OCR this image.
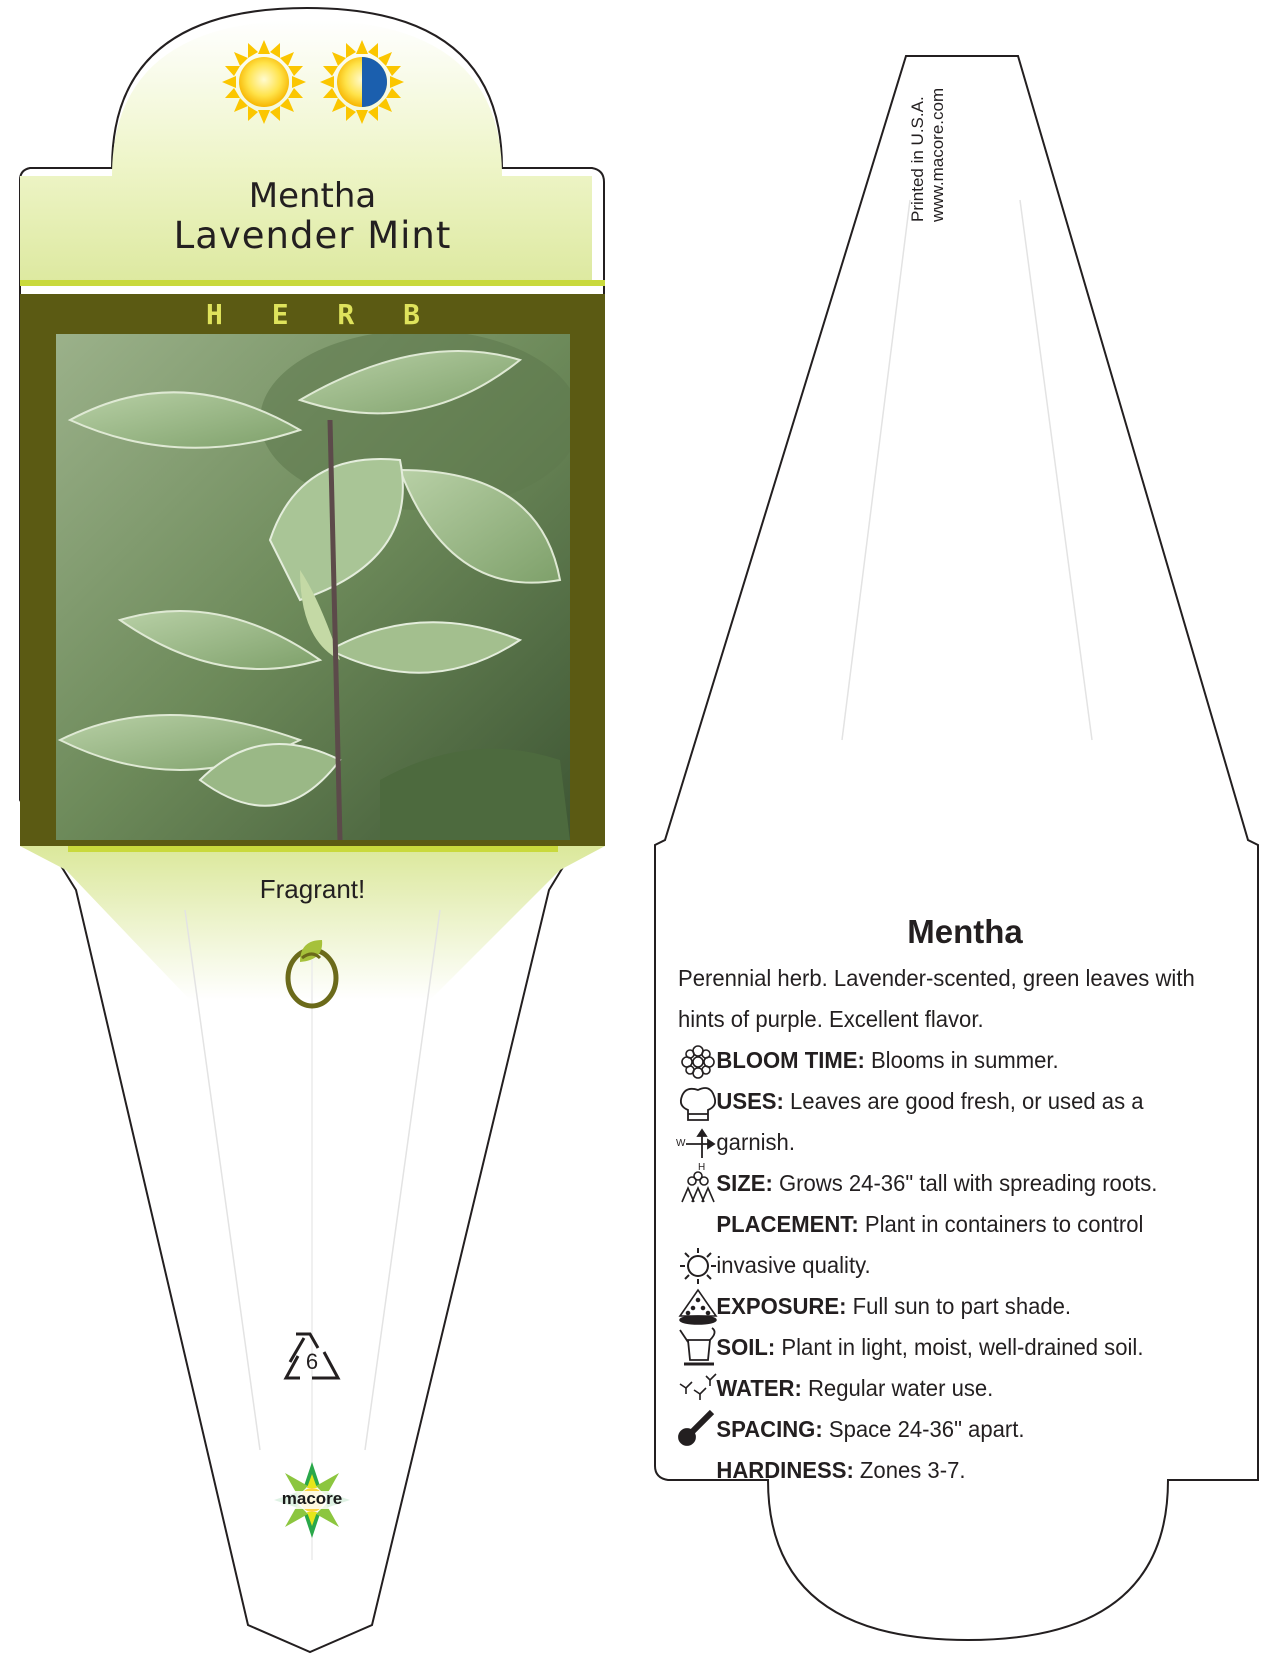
W
H
Mentha
Lavender Mint
H E R B
Fragrant!
6
macore
Printed in U.S.A. www.macore.com
Mentha

Perennial herb. Lavender-scented, green leaves with hints of purple. Excellent flavor.

BLOOM TIME: Blooms in summer.
USES: Leaves are good fresh, or used as a garnish.
SIZE: Grows 24-36" tall with spreading roots.
PLACEMENT: Plant in containers to control invasive quality.
EXPOSURE: Full sun to part shade.
SOIL: Plant in light, moist, well-drained soil.
WATER: Regular water use.
SPACING: Space 24-36" apart.
HARDINESS: Zones 3-7.
